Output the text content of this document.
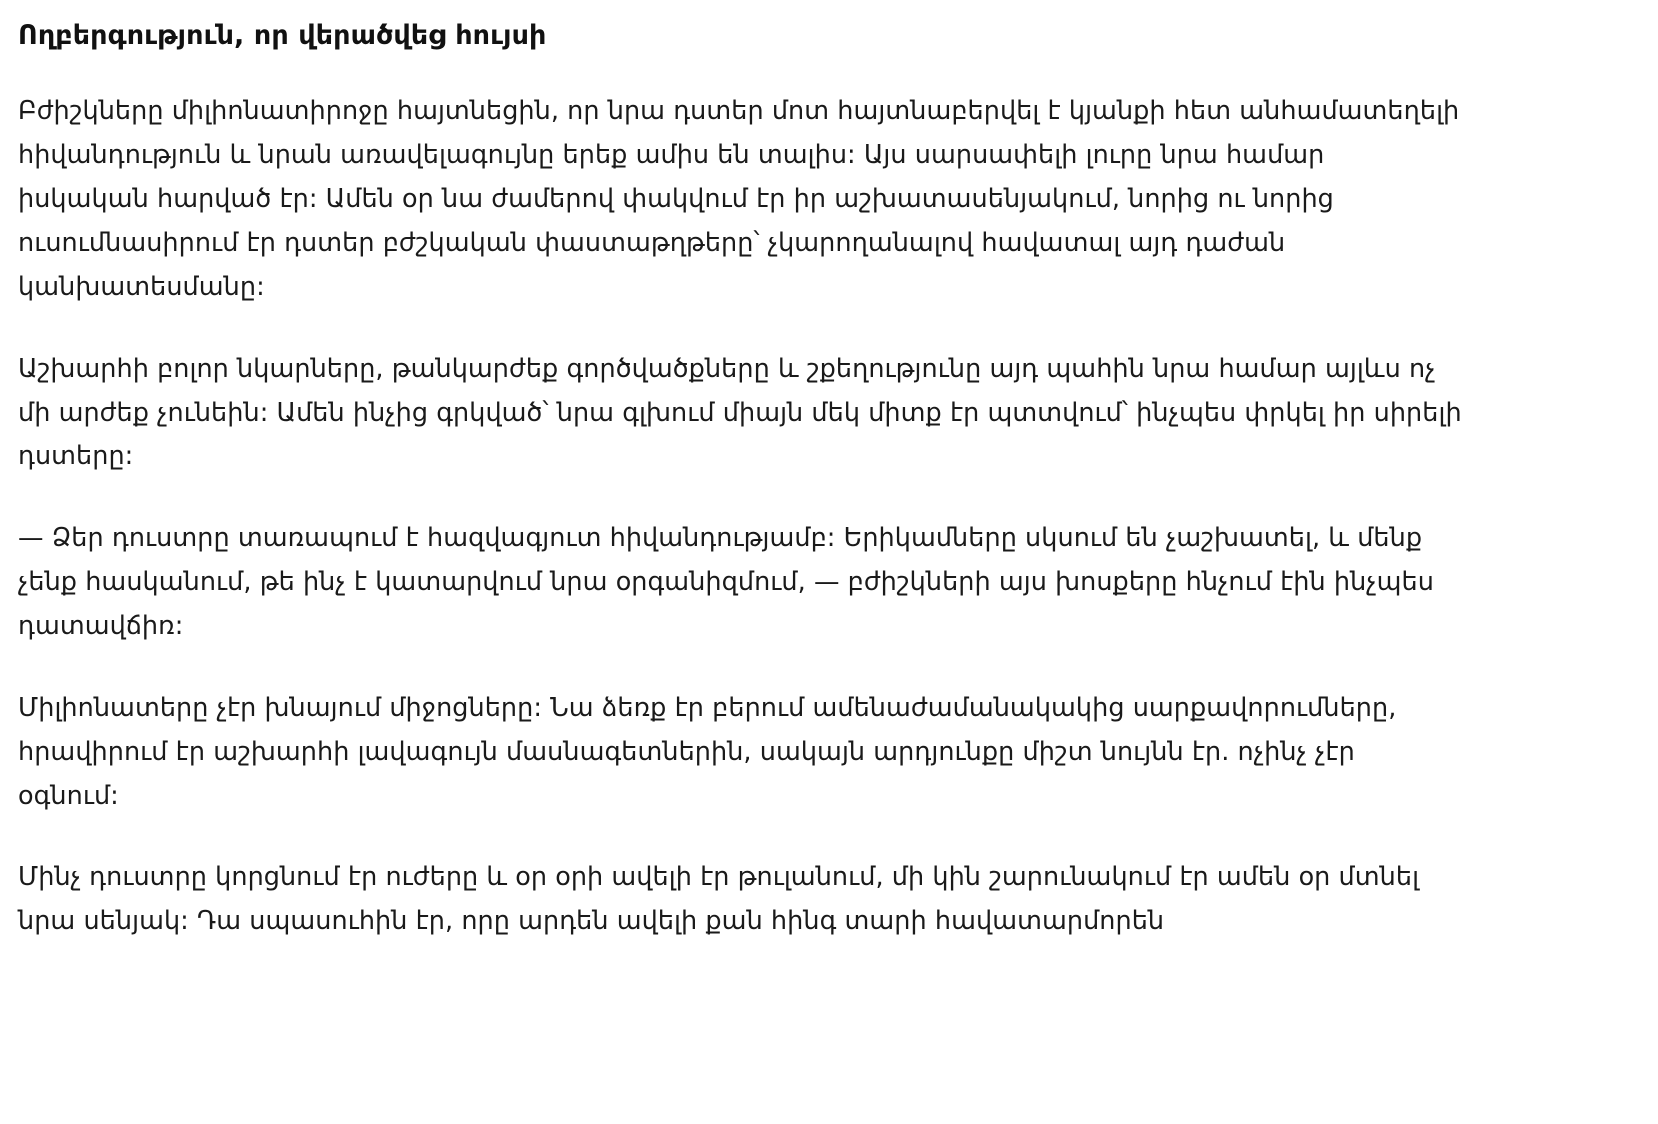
Ողբերգություն, որ վերածվեց հույսի

Բժիշկները միլիոնատիրոջը հայտնեցին, որ նրա դստեր մոտ հայտնաբերվել է կյանքի հետ անհամատեղելի հիվանդություն և նրան առավելագույնը երեք ամիս են տալիս: Այս սարսափելի լուրը նրա համար իսկական հարված էր: Ամեն օր նա ժամերով փակվում էր իր աշխատասենյակում, նորից ու նորից ուսումնասիրում էր դստեր բժշկական փաստաթղթերը՝ չկարողանալով հավատալ այդ դաժան կանխատեսմանը:

Աշխարհի բոլոր նկարները, թանկարժեք գործվածքները և շքեղությունը այդ պահին նրա համար այլևս ոչ մի արժեք չունեին: Ամեն ինչից գրկված՝ նրա գլխում միայն մեկ միտք էր պտտվում՝ ինչպես փրկել իր սիրելի դստերը:

— Ձեր դուստրը տառապում է հազվագյուտ հիվանդությամբ: Երիկամները սկսում են չաշխատել, և մենք չենք հասկանում, թե ինչ է կատարվում նրա օրգանիզմում, — բժիշկների այս խոսքերը հնչում էին ինչպես դատավճիռ:

Միլիոնատերը չէր խնայում միջոցները: Նա ձեռք էր բերում ամենաժամանակակից սարքավորումները, հրավիրում էր աշխարհի լավագույն մասնագետներին, սակայն արդյունքը միշտ նույնն էր. ոչինչ չէր օգնում:

Մինչ դուստրը կորցնում էր ուժերը և օր օրի ավելի էր թուլանում, մի կին շարունակում էր ամեն օր մտնել նրա սենյակ: Դա սպասուհին էր, որը արդեն ավելի քան հինգ տարի հավատարմորեն
